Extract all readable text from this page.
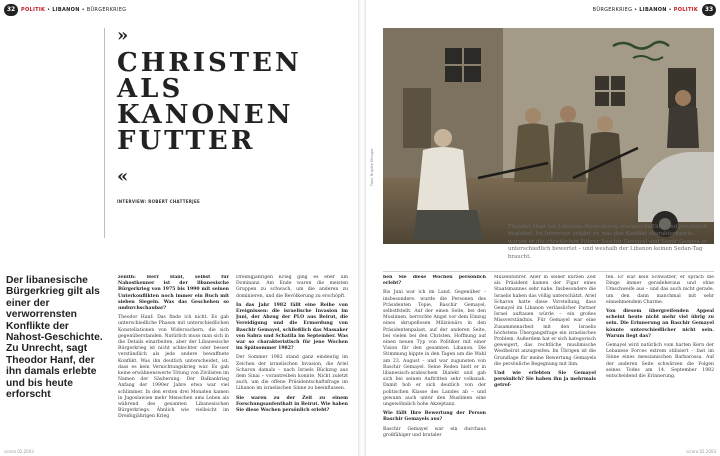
32	POLITIK • LIBANON • BÜRGERKRIEG
»
CHRISTEN
ALS
KANONEN
FUTTER
«
INTERVIEW: ROBERT CHATTERJEE

Der libanesische Bürgerkrieg gilt als einer der verworrensten Konflikte der Nahost-Geschichte. Zu Unrecht, sagt Theodor Hanf, der ihn damals erlebte und bis heute erforscht

zenith: Herr Hanf, selbst für Nahostkenner ist der libanesische Bürgerkrieg von 1975 bis 1990 mit seinen Unterkonflikten noch immer ein Buch mit sieben Siegeln. Was das Geschehen so undurchschaubar?

Theodor Hanf: Das finde ich nicht. Es gab unterschiedliche Phasen mit unterschiedlichen Konstellationen von Widersachern, die sich gegenüberstanden. Natürlich muss man sich in die Details einarbeiten, aber der Libanesische Bürgerkrieg ist nicht schlechter oder besser verständlich als jede andere bewaffnete Konflikt. Was ihn deutlich unterscheidet, ist, dass es kein Vernichtungskrieg war. Es gab keine erwähnenswerte Tötung von Zivilisten im Namen der Säuberung. Der Balkankrieg Anfang der 1990er Jahre etwa war viel schlimmer. In den ersten drei Monaten kamen in Jugoslawien mehr Menschen ums Leben als während des gesamten Libanesischen Bürgerkriegs. Ähnlich wie vielleicht im Dreißigjährigen Krieg

Dreißigjährigen Krieg ging es eher um Dominanz. Am Ende waren die meisten Gruppen zu schwach, um die anderen zu dominieren, und die Bevölkerung zu erschöpft.

In das Jahr 1982 fällt eine Reihe von Ereignissen: die israelische Invasion im Juni, der Abzug der PLO aus Beirut, die Vereidigung und die Ermordung von Baschir Gemayel, schließlich das Massaker von Sabra und Schatila im September. Was war so charakteristisch für jene Wochen im Spätsommer 1982?

Der Sommer 1982 stand ganz eindeutig im Zeichen der israelischen Invasion, die Ariel Scharon damals – nach Israels Rückzug aus dem Sinai – vorantreiben konnte. Nicht zuletzt auch, um die offene Präsidentschaftsfrage im Libanon im israelischen Sinne zu beeinflussen.

Sie waren zu der Zeit zu einem Forschungsaufenthalt in Beirut. Wie haben Sie diese Wochen persönlich erlebt?

cicero 02.2003
BÜRGERKRIEG • LIBANON • POLITIK	33
Foto: Brigitte Ettinger
Theodor Hanf hat Libanons Bürgerkrieg wissenschaftlich und persönlich begleitet. Im Interview erklärt er, was den Konflikt charakterisierte, warum er die christlichen Führer Baschir Gemayel und Samir Geagea so unterschiedlich bewertet – und weshalb der Libanon keinen Sedan-Tag braucht.

ben Sie diese Wochen persönlich erlebt?

Bis Juni war ich im Land. Gegenüber – insbesondere, wurde die Personen des Präsidenten Topie, Baschir Gemayel, selbstfstellt. Auf der einen Seite, bei den Muslimen, herrschte Angst vor dem Einzug eines skrupellosen Milizionärs in den Präsidentenpalast, auf der anderen Seite, bei vielen bei den Christen, Hoffnung auf einen neuen Typ von Politiker mit einer Vision für den gesamten Libanon. Die Stimmung kippte in den Tagen um die Wahl am 23. August – und war zugunsten von Baschir Gemayel. Seine Reden hielt er in libanesisch-arabischem Dialekt und gab sich bei seinen Auftritten sehr volksnah. Damit hob er sich deutlich von der politischen Klasse des Landes ab – und gewann auch unter den Muslimen eine ungewöhnlich hohe Akzeptanz.

Wie fällt Ihre Bewertung der Person Baschir Gemayels aus?

Baschir Gemayel war ein durchaus großfähiger und brutaler

Milizenführer. Aber in seiner kurzen Zeit als Präsident kamen der Figur eines Staatsmannes sehr nahe. Insbesondere die Israelis haben das völlig unterschätzt. Ariel Scharon hatte diese Vorstellung, dass Gemayel im Libanon verlässlicher Partner Israel auftauen würde – ein großes Missverständnis. Für Gemayel war eine Zusammenarbeit mit den Israelis höchstens Übergangsfrage ein israelisches Problem. Außerdem hat er sich kategorisch geweigert, das rechtliche muslimische Westbeirut anzugreifen. Im Übrigen ist die Grundlage für meine Bewertung Gemayels die persönliche Begegnung mit ihm.

Und wie erlebten Sie Gemayel persönlich? Sie haben ihn ja mehrmals getrof-

fen. Er war kein Schwätzer, er sprach die Dinge immer geradeheraus und ohne Umschweife aus – und das auch nicht gerade, um den dann manchmal mit sehr einnehmendem Charme.

Von diesem übergreifenden Appeal scheint heute nicht mehr viel übrig zu sein. Die Erinnerung an Baschir Gemayel könnte unterschiedlicher nicht sein. Warum liegt das?

Gemayel wird natürlich vom harten Kern der Lebanese Forces extrem stilisiert – fast im Sinne eines messianischen Barbarossa. Auf der anderen Seite schwärzen die Folgen seines Todes am 14. September 1982 entscheidend die Erinnerung.

cicero 02.2003
